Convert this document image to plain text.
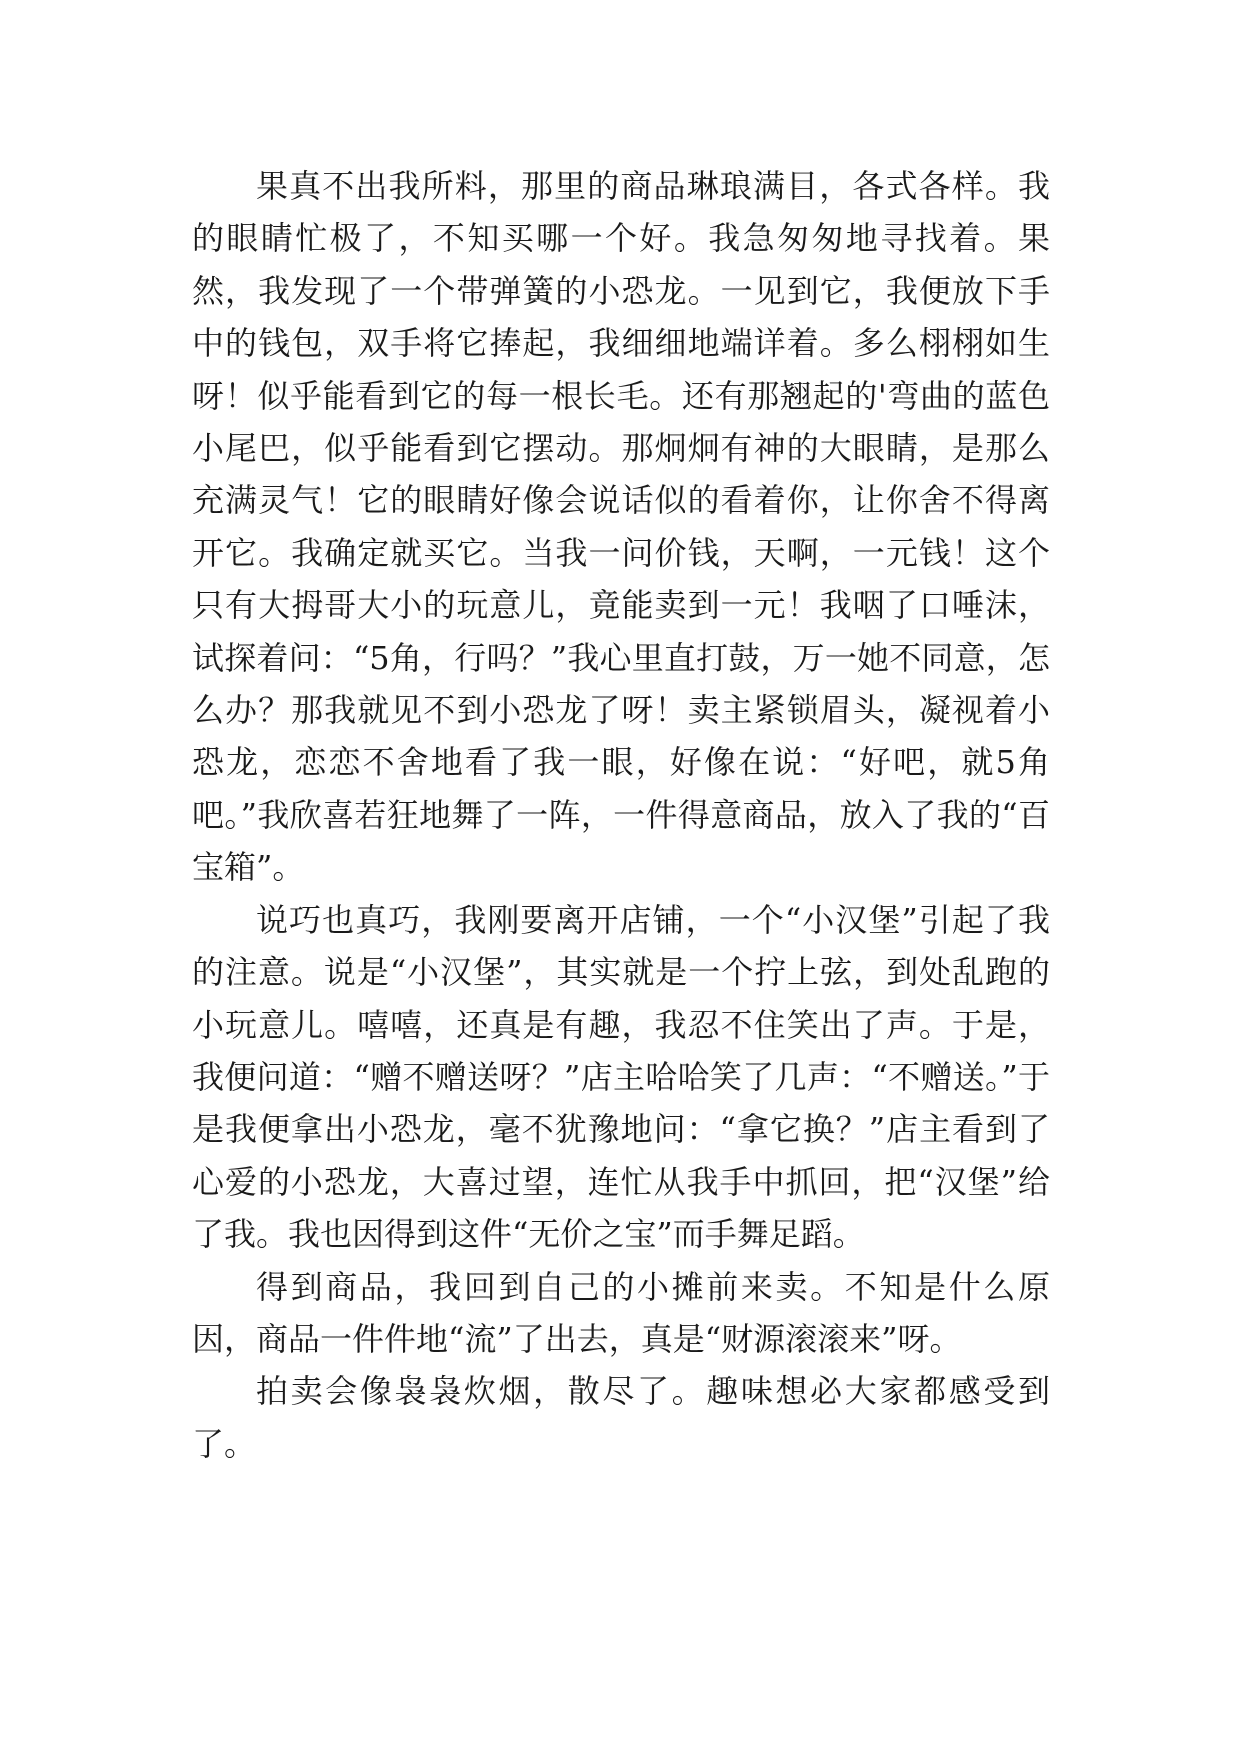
果真不出我所料，那里的商品琳琅满目，各式各样。我的眼睛忙极了，不知买哪一个好。我急匆匆地寻找着。果然，我发现了一个带弹簧的小恐龙。一见到它，我便放下手中的钱包，双手将它捧起，我细细地端详着。多么栩栩如生呀！似乎能看到它的每一根长毛。还有那翘起的'弯曲的蓝色小尾巴，似乎能看到它摆动。那炯炯有神的大眼睛，是那么充满灵气！它的眼睛好像会说话似的看着你，让你舍不得离开它。我确定就买它。当我一问价钱，天啊，一元钱！这个只有大拇哥大小的玩意儿，竟能卖到一元！我咽了口唾沫，试探着问：“5角，行吗？”我心里直打鼓，万一她不同意，怎么办？那我就见不到小恐龙了呀！卖主紧锁眉头，凝视着小恐龙，恋恋不舍地看了我一眼，好像在说：“好吧，就5角吧。”我欣喜若狂地舞了一阵，一件得意商品，放入了我的“百宝箱”。

说巧也真巧，我刚要离开店铺，一个“小汉堡”引起了我的注意。说是“小汉堡”，其实就是一个拧上弦，到处乱跑的小玩意儿。嘻嘻，还真是有趣，我忍不住笑出了声。于是，我便问道：“赠不赠送呀？”店主哈哈笑了几声：“不赠送。”于是我便拿出小恐龙，毫不犹豫地问：“拿它换？”店主看到了心爱的小恐龙，大喜过望，连忙从我手中抓回，把“汉堡”给了我。我也因得到这件“无价之宝”而手舞足蹈。

得到商品，我回到自己的小摊前来卖。不知是什么原因，商品一件件地“流”了出去，真是“财源滚滚来”呀。

拍卖会像袅袅炊烟，散尽了。趣味想必大家都感受到了。
